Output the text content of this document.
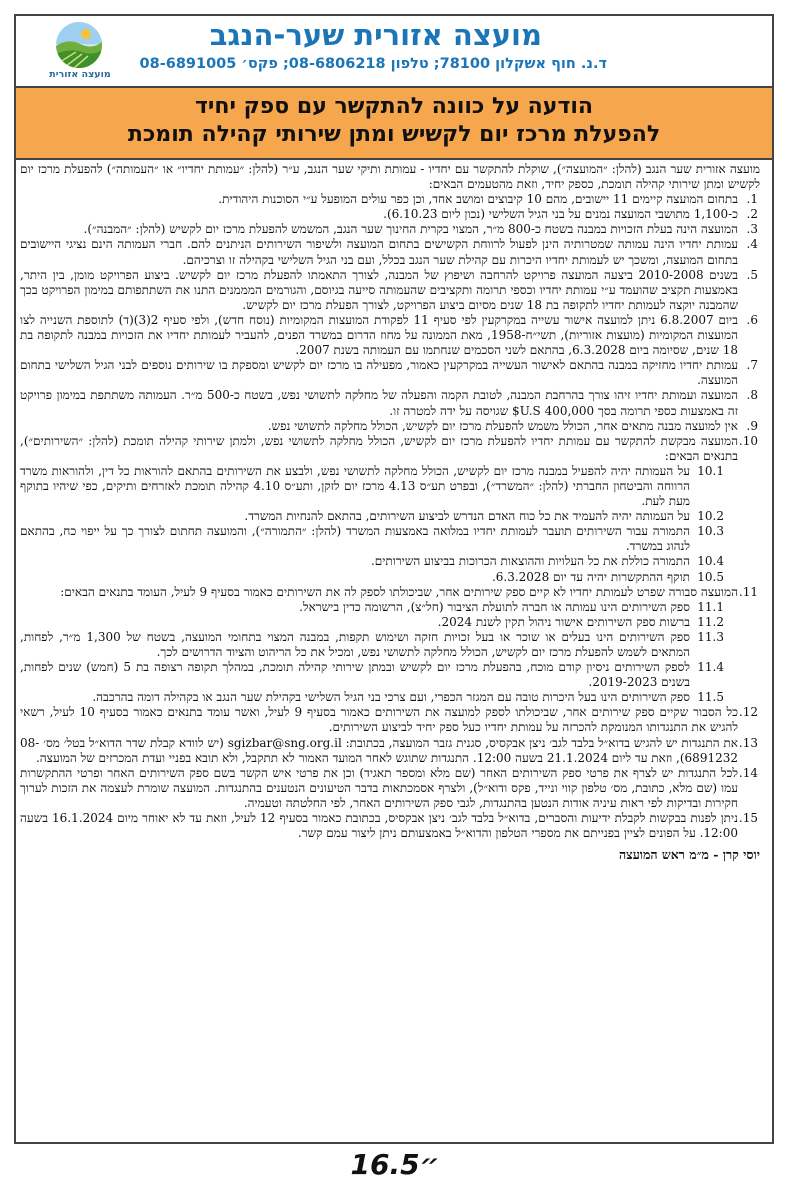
מועצה אזורית שער-הנגב
ד.נ. חוף אשקלון 78100; טלפון 08-6806218; פקס׳ 08-6891005
מועצה אזורית
הודעה על כוונה להתקשר עם ספק יחיד
להפעלת מרכז יום לקשיש ומתן שירותי קהילה תומכת

מועצה אזורית שער הנגב (להלן: ״המועצה״), שוקלת להתקשר עם יחדיו - עמותת ותיקי שער הנגב, ע״ר (להלן: ״עמותת יחדיו״ או ״העמותה״) להפעלת מרכז יום לקשיש ומתן שירותי קהילה תומכת, כספק יחיד, וזאת מהטעמים הבאים:

1.
בתחום המועצה קיימים 11 יישובים, מהם 10 קיבוצים ומושב אחד, וכן כפר עולים המופעל ע״י הסוכנות היהודית.
2.
כ-1,100 מתושבי המועצה נמנים על בני הגיל השלישי (נכון ליום 6.10.23).
3.
המועצה הינה בעלת הזכויות במבנה בשטח כ-800 מ״ר, המצוי בקרית החינוך שער הנגב, המשמש להפעלת מרכז יום לקשיש (להלן: ״המבנה״).
4.
עמותת יחדיו הינה עמותה שמטרותיה הינן לפעול לרווחת הקשישים בתחום המועצה ולשיפור השירותים הניתנים להם. חברי העמותה הינם נציגי היישובים בתחום המועצה, ומשכך יש לעמותת יחדיו היכרות עם קהילת שער הנגב בכלל, ועם בני הגיל השלישי בקהילה זו וצרכיהם.
5.
בשנים 2010-2008 ביצעה המועצה פרויקט להרחבה ושיפוץ של המבנה, לצורך התאמתו להפעלת מרכז יום לקשיש. ביצוע הפרויקט מומן, בין היתר, באמצעות תקציב שהועמד ע״י עמותת יחדיו וכספי תרומה ותקציבים שהעמותה סייעה בגיוסם, והגורמים המממנים התנו את השתתפותם במימון הפרויקט בכך שהמבנה יוקצה לעמותת יחדיו לתקופה בת 18 שנים מסיום ביצוע הפרויקט, לצורך הפעלת מרכז יום לקשיש.
6.
ביום 6.8.2007 ניתן למועצה אישור עשייה במקרקעין לפי סעיף 11 לפקודת המועצות המקומיות (נוסח חדש), ולפי סעיף 2(3)(ד) לתוספת השנייה לצו המועצות המקומיות (מועצות אזוריות), תשי״ח-1958, מאת הממונה על מחוז הדרום במשרד הפנים, להעביר לעמותת יחדיו את הזכויות במבנה לתקופה בת 18 שנים, שסיומה ביום 6.3.2028, בהתאם לשני הסכמים שנחתמו עם העמותה בשנת 2007.
7.
עמותת יחדיו מחזיקה במבנה בהתאם לאישור העשייה במקרקעין כאמור, מפעילה בו מרכז יום לקשיש ומספקת בו שירותים נוספים לבני הגיל השלישי בתחום המועצה.
8.
המועצה ועמותת יחדיו זיהו צורך בהרחבת המבנה, לטובת הקמה והפעלה של מחלקה לתשושי נפש, בשטח כ-500 מ״ר. העמותה משתתפת במימון פרויקט זה באמצעות כספי תרומה בסך 400,000 U.S$ שגויסה על ידה למטרה זו.
9.
אין למועצה מבנה מתאים אחר, הכולל משמש להפעלת מרכז יום לקשיש, הכולל מחלקה לתשושי נפש.
10.
המועצה מבקשת להתקשר עם עמותת יחדיו להפעלת מרכז יום לקשיש, הכולל מחלקה לתשושי נפש, ולמתן שירותי קהילה תומכת (להלן: ״השירותים״), בתנאים הבאים:
10.1
על העמותה יהיה להפעיל במבנה מרכז יום לקשיש, הכולל מחלקה לתשושי נפש, ולבצע את השירותים בהתאם להוראות כל דין, ולהוראות משרד הרווחה והביטחון החברתי (להלן: ״המשרד״), ובפרט תע״ס 4.13 מרכז יום לזקן, ותע״ס 4.10 קהילה תומכת לאזרחים ותיקים, כפי שיהיו בתוקף מעת לעת.
10.2
על העמותה יהיה להעמיד את כל כוח האדם הנדרש לביצוע השירותים, בהתאם להנחיות המשרד.
10.3
התמורה עבור השירותים תועבר לעמותת יחדיו במלואה באמצעות המשרד (להלן: ״התמורה״), והמועצה תחתום לצורך כך על ייפוי כח, בהתאם לנהוג במשרד.
10.4
התמורה כוללת את כל העלויות וההוצאות הכרוכות בביצוע השירותים.
10.5
תוקף ההתקשרות יהיה עד יום 6.3.2028.
11.
המועצה סבורה שפרט לעמותת יחדיו לא קיים ספק שירותים אחר, שביכולתו לספק לה את השירותים כאמור בסעיף 9 לעיל, העומד בתנאים הבאים:
11.1
ספק השירותים הינו עמותה או חברה לתועלת הציבור (חל״צ), הרשומה כדין בישראל.
11.2
ברשות ספק השירותים אישור ניהול תקין לשנת 2024.
11.3
ספק השירותים הינו בעלים או שוכר או בעל זכויות חזקה ושימוש תקפות, במבנה המצוי בתחומי המועצה, בשטח של 1,300 מ״ר, לפחות, המתאים לשמש להפעלת מרכז יום לקשיש, הכולל מחלקה לתשושי נפש, ומכיל את כל הריהוט והציוד הדרושים לכך.
11.4
לספק השירותים ניסיון קודם מוכח, בהפעלת מרכז יום לקשיש ובמתן שירותי קהילה תומכת, במהלך תקופה רצופה בת 5 (חמש) שנים לפחות, בשנים 2019-2023.
11.5
ספק השירותים הינו בעל היכרות טובה עם המגזר הכפרי, ועם צרכי בני הגיל השלישי בקהילת שער הנגב או בקהילה דומה בהרכבה.
12.
כל הסבור שקיים ספק שירותים אחר, שביכולתו לספק למועצה את השירותים כאמור בסעיף 9 לעיל, ואשר עומד בתנאים כאמור בסעיף 10 לעיל, רשאי להגיש את התנגדותו המנומקת להכרזה על עמותת יחדיו כעל ספק יחיד לביצוע השירותים.
13.
את התנגדות יש להגיש בדוא״ל בלבד לגב׳ ניצן אבקסיס, סגנית גזבר המועצה, בכתובת: sgizbar@sng.org.il (יש לוודא קבלת שדר הדוא״ל בטל׳ מס׳ 08-6891232), וזאת עד ליום 21.1.2024 בשעה 12:00. התנגדות שתוגש לאחר המועד האמור לא תתקבל, ולא תובא בפניי ועדת המכרזים של המועצה.
14.
לכל התנגדות יש לצרף את פרטי ספק השירותים האחר (שם מלא ומספר תאגיד) וכן את פרטי איש הקשר בשם ספק השירותים האחר ופרטי ההתקשרות עמו (שם מלא, כתובת, מס׳ טלפון קווי ונייד, פקס ודוא״ל), ולצרף אסמכתאות בדבר הטיעונים הנטענים בהתנגדות. המועצה שומרת לעצמה את הזכות לערוך חקירות ובדיקות לפי ראות עיניה אודות הנטען בהתנגדות, לגבי ספק השירותים האחר, לפי החלטתה וטעמיה.
15.
ניתן לפנות בבקשות לקבלת ידיעות והסברים, בדוא״ל בלבד לגב׳ ניצן אבקסיס, בכתובת כאמור בסעיף 12 לעיל, וזאת עד לא יאוחר מיום 16.1.2024 בשעה 12:00. על הפונים לציין בפנייתם את מספרי הטלפון והדוא״ל באמצעותם ניתן ליצור עמם קשר.
יוסי קרן - מ״מ ראש המועצה
16.5״
